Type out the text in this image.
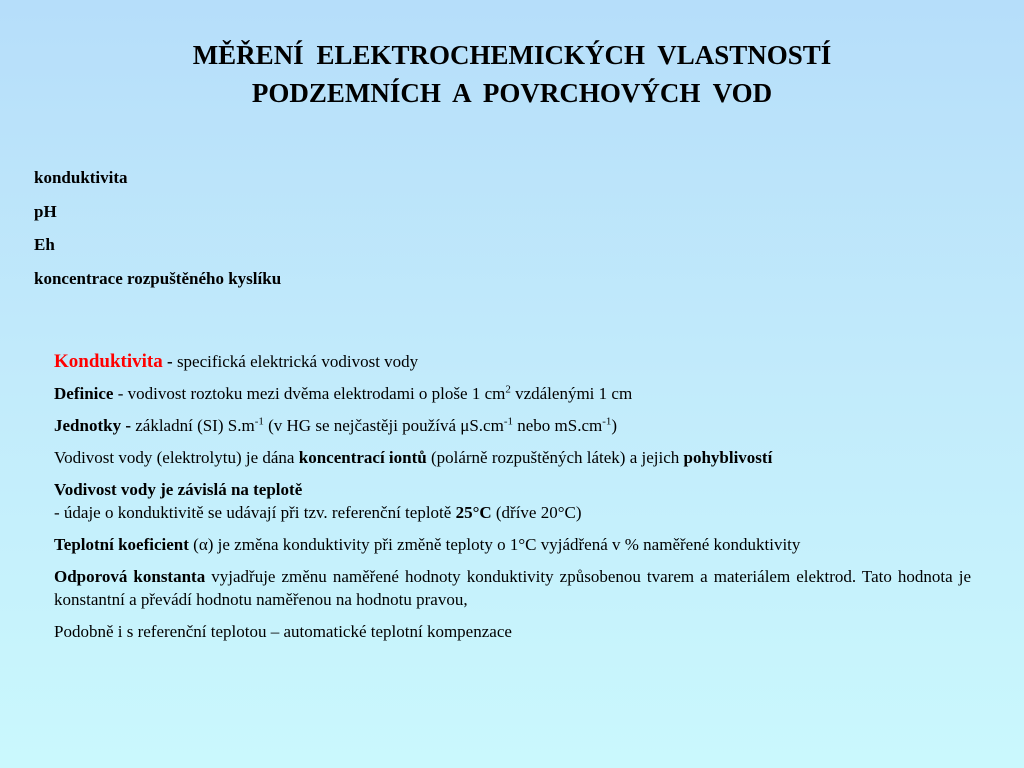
MĚŘENÍ ELEKTROCHEMICKÝCH VLASTNOSTÍ
PODZEMNÍCH A POVRCHOVÝCH VOD
konduktivita
pH
Eh
koncentrace rozpuštěného kyslíku

Konduktivita - specifická elektrická vodivost vody

Definice - vodivost roztoku mezi dvěma elektrodami o ploše 1 $cm^2$ vzdálenými 1 cm

Jednotky - základní (SI) $S.m^{-1}$ (v HG se nejčastěji používá $\mu S.cm^{-1}$ nebo $mS.cm^{-1}$)

Vodivost vody (elektrolytu) je dána koncentrací iontů (polárně rozpuštěných látek) a jejich pohyblivostí

Vodivost vody je závislá na teplotě
- údaje o konduktivitě se udávají při tzv. referenční teplotě 25°C (dříve 20°C)

Teplotní koeficient (α) je změna konduktivity při změně teploty o 1°C vyjádřená v % naměřené konduktivity

Odporová konstanta vyjadřuje změnu naměřené hodnoty konduktivity způsobenou tvarem a materiálem elektrod. Tato hodnota je konstantní a převádí hodnotu naměřenou na hodnotu pravou,

Podobně i s referenční teplotou – automatické teplotní kompenzace
